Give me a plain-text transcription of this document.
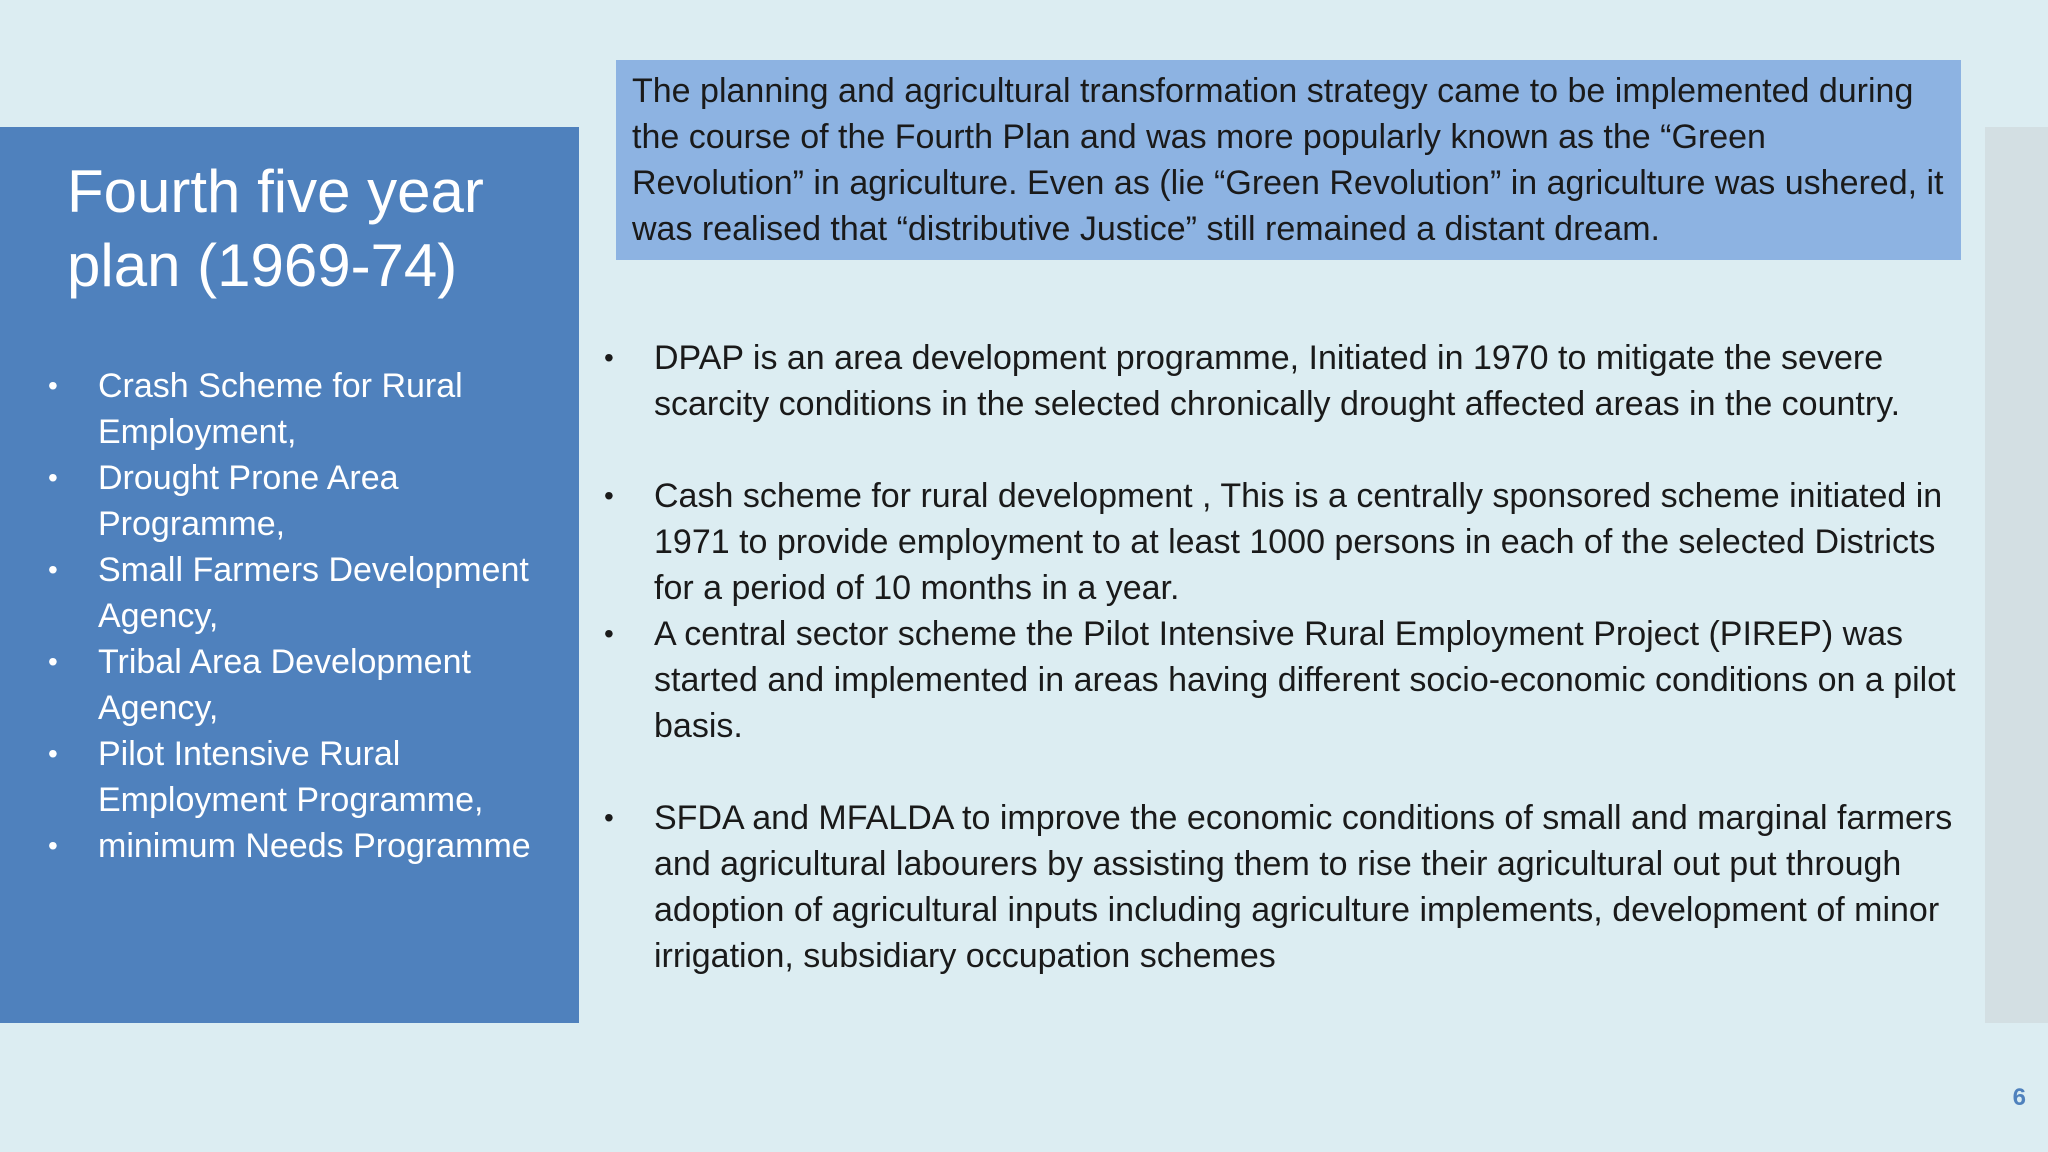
Fourth five year plan (1969-74)
• Crash Scheme for Rural Employment,
• Drought Prone Area Programme,
• Small Farmers Development Agency,
• Tribal Area Development Agency,
• Pilot Intensive Rural Employment Programme,
• minimum Needs Programme
The planning and agricultural transformation strategy came to be implemented during the course of the Fourth Plan and was more popularly known as the “Green Revolution” in agriculture. Even as (lie “Green Revolution” in agriculture was ushered, it was realised that “distributive Justice” still remained a distant dream.
• DPAP is an area development programme, Initiated in 1970 to mitigate the severe scarcity conditions in the selected chronically drought affected areas in the country.
• Cash scheme for rural development , This is a centrally sponsored scheme initiated in 1971 to provide employment to at least 1000 persons in each of the selected Districts for a period of 10 months in a year.
• A central sector scheme the Pilot Intensive Rural Employment Project (PIREP) was started and implemented in areas having different socio-economic conditions on a pilot basis.
• SFDA and MFALDA to improve the economic conditions of small and marginal farmers and agricultural labourers by assisting them to rise their agricultural out put through adoption of agricultural inputs including agriculture implements, development of minor irrigation, subsidiary occupation schemes
6
